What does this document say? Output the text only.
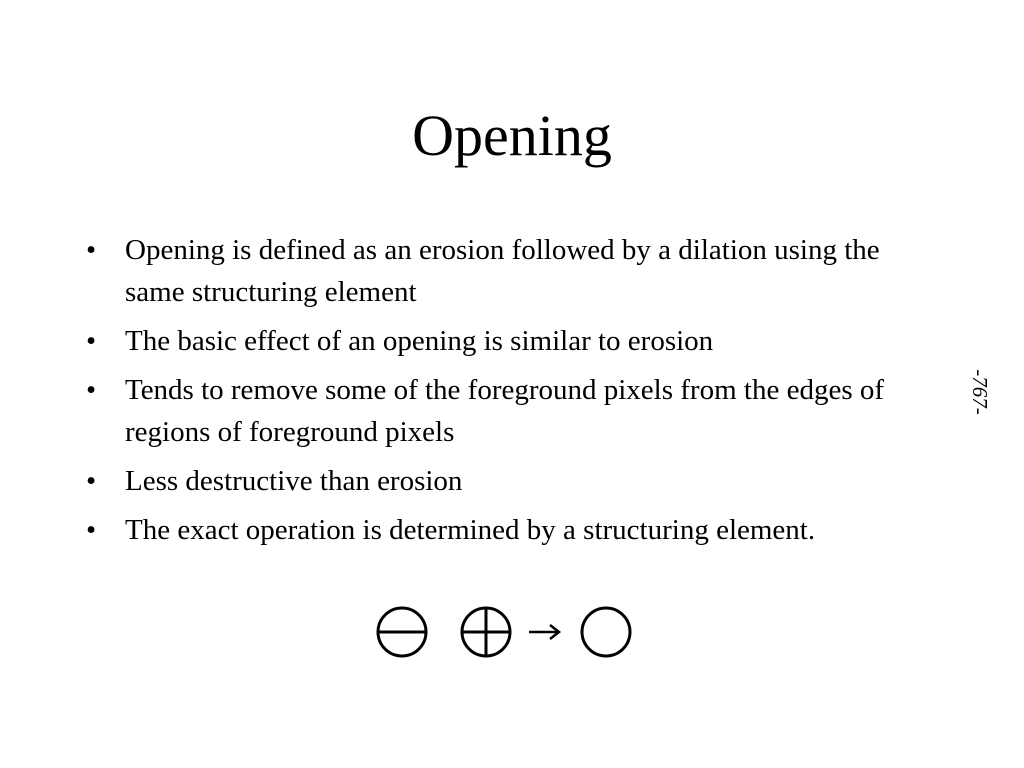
Opening
• Opening is defined as an erosion followed by a dilation using the same structuring element
• The basic effect of an opening is similar to erosion
• Tends to remove some of the foreground pixels from the edges of regions of foreground pixels
• Less destructive than erosion
• The exact operation is determined by a structuring element.
-767-
